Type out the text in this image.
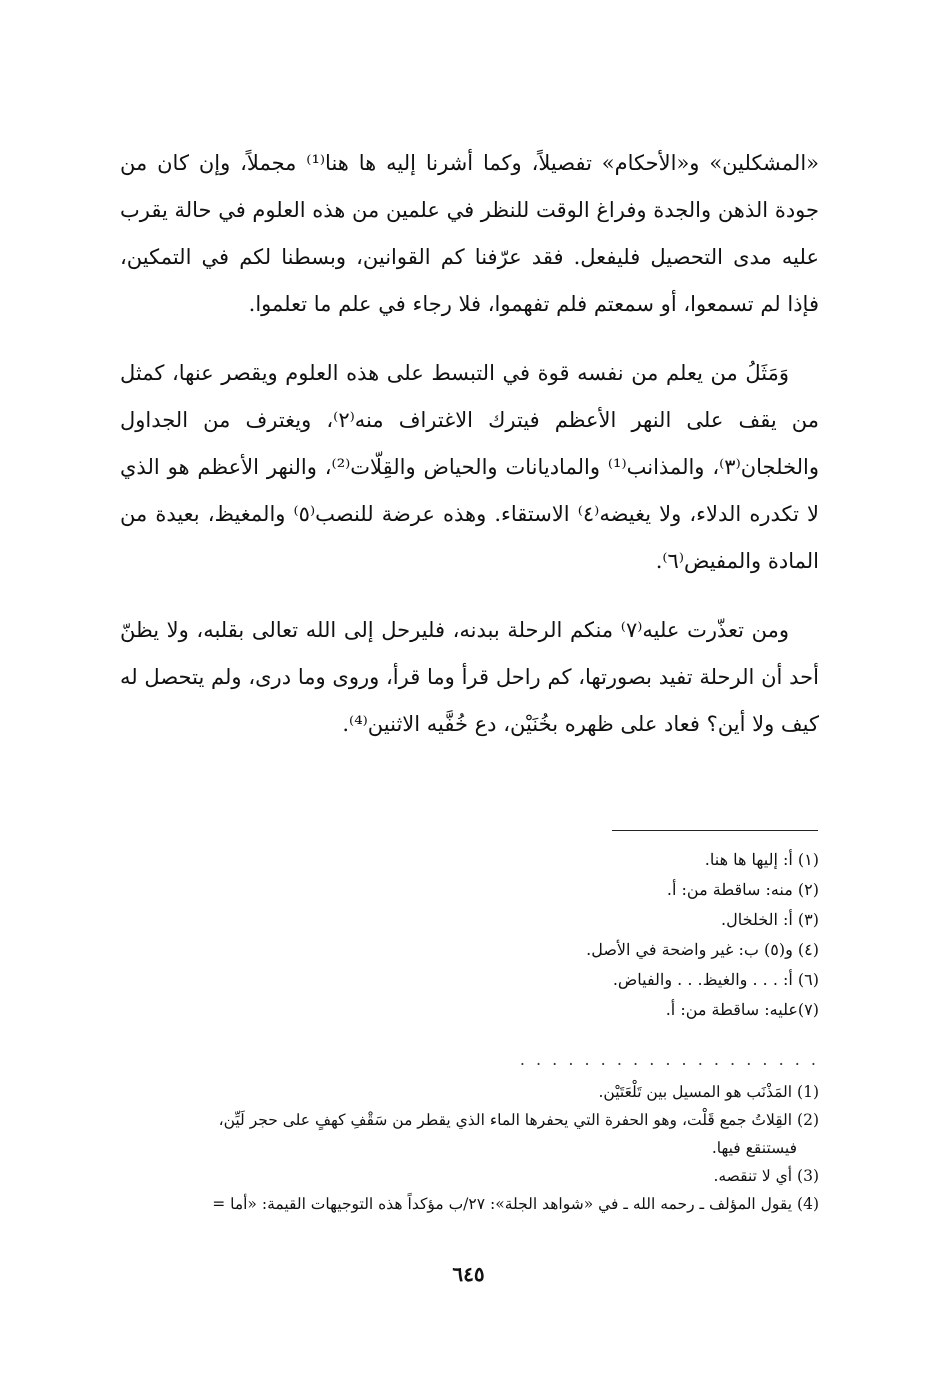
«المشكلين» و«الأحكام» تفصيلاً، وكما أشرنا إليه ها هنا⁽¹⁾ مجملاً، وإن كان من جودة الذهن والجدة وفراغ الوقت للنظر في علمين من هذه العلوم في حالة يقرب عليه مدى التحصيل فليفعل. فقد عرّفنا كم القوانين، وبسطنا لكم في التمكين، فإذا لم تسمعوا، أو سمعتم فلم تفهموا، فلا رجاء في علم ما تعلموا.

وَمَثَلُ من يعلم من نفسه قوة في التبسط على هذه العلوم ويقصر عنها، كمثل من يقف على النهر الأعظم فيترك الاغتراف منه⁽٢⁾، ويغترف من الجداول والخلجان⁽٣⁾، والمذانب⁽¹⁾ والماديانات والحياض والقِلّات⁽²⁾، والنهر الأعظم هو الذي لا تكدره الدلاء، ولا يغيضه⁽٤⁾ الاستقاء. وهذه عرضة للنصب⁽٥⁾ والمغيظ، بعيدة من المادة والمفيض⁽٦⁾.

ومن تعذّرت عليه⁽٧⁾ منكم الرحلة ببدنه، فليرحل إلى الله تعالى بقلبه، ولا يظنّ أحد أن الرحلة تفيد بصورتها، كم راحل قرأ وما قرأ، وروى وما درى، ولم يتحصل له كيف ولا أين؟ فعاد على ظهره بخُنَيْن، دع خُفَّيه الاثنين⁽⁴⁾.

(١) أ: إليها ها هنا.

(٢) منه: ساقطة من: أ.

(٣) أ: الخلخال.

(٤) و(٥) ب: غير واضحة في الأصل.

(٦) أ: . . . والغيظ. . . والفياض.

(٧)عليه: ساقطة من: أ.

. . . . . . . . . . . . . . . . . . .

(1) المَذْنَب هو المسيل بين تَلْعَتَيْن.

(2) القِلاتُ جمع قَلْت، وهو الحفرة التي يحفرها الماء الذي يقطر من سَقْفِ كهفٍ على حجر لَيِّن،

فيستنقع فيها.

(3) أي لا تنقصه.

(4) يقول المؤلف ـ رحمه الله ـ في «شواهد الجلة»: ٢٧/ب مؤكداً هذه التوجيهات القيمة: «أما =

٦٤٥
